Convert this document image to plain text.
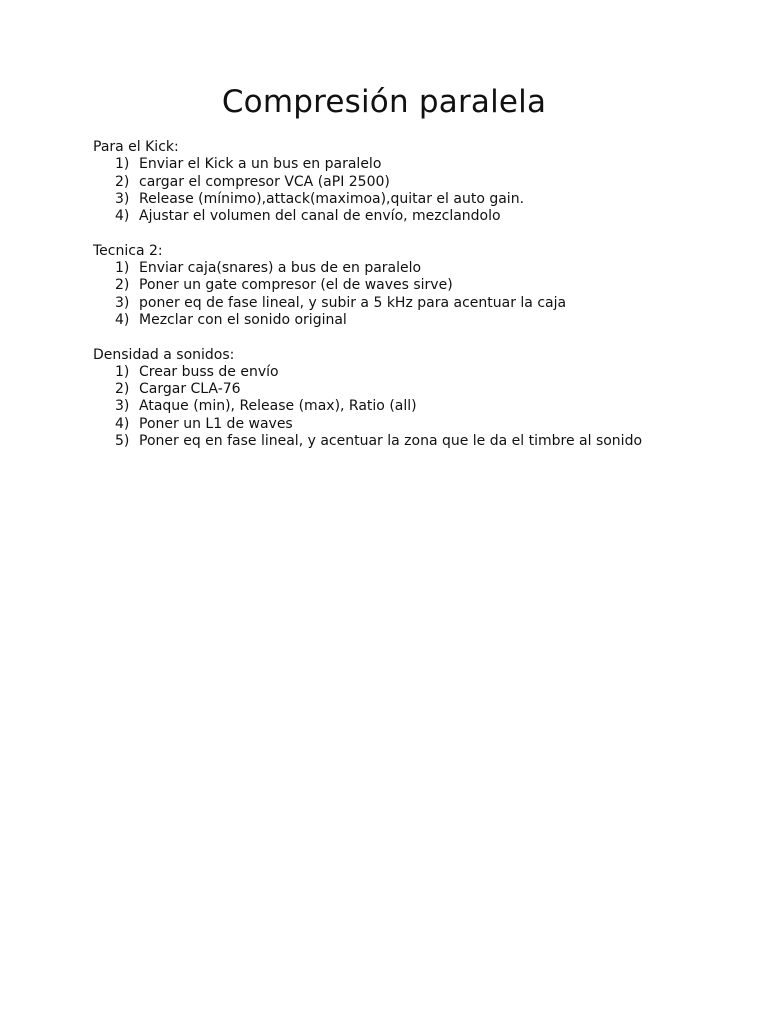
Compresión paralela

Para el Kick:

1) Enviar el Kick a un bus en paralelo
2) cargar el compresor VCA (aPI 2500)
3) Release (mínimo),attack(maximoa),quitar el auto gain.
4) Ajustar el volumen del canal de envío, mezclandolo

Tecnica 2:

1) Enviar caja(snares) a bus de en paralelo
2) Poner un gate compresor (el de waves sirve)
3) poner eq de fase lineal, y subir a 5 kHz para acentuar la caja
4) Mezclar con el sonido original

Densidad a sonidos:

1) Crear buss de envío
2) Cargar CLA-76
3) Ataque (min), Release (max), Ratio (all)
4) Poner un L1 de waves
5) Poner eq en fase lineal, y acentuar la zona que le da el timbre al sonido
